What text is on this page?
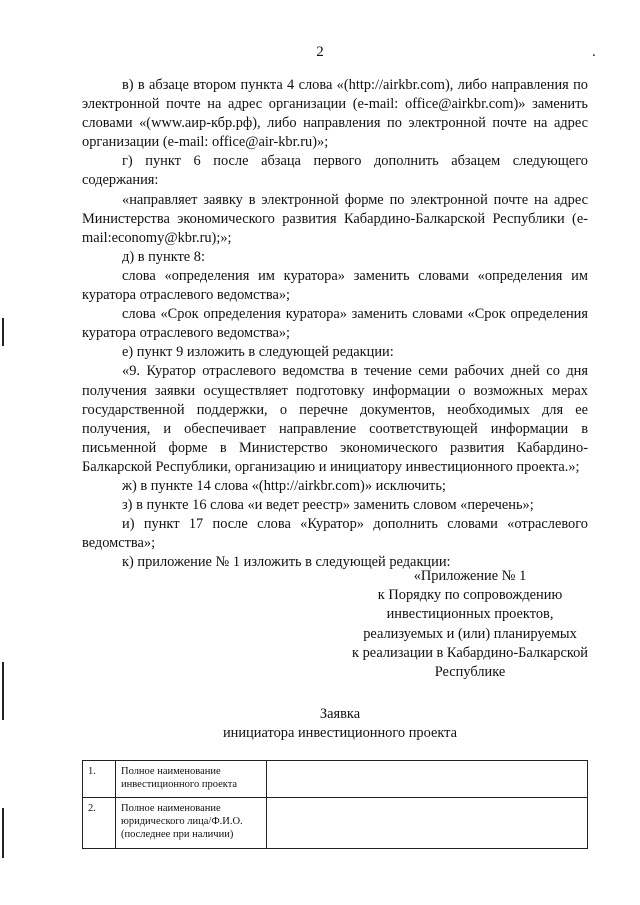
2	.

в) в абзаце втором пункта 4 слова «(http://airkbr.com), либо направления по электронной почте на адрес организации (e-mail: office@airkbr.com)» заменить словами «(www.аир-кбр.рф), либо направления по электронной почте на адрес организации (e-mail: office@air-kbr.ru)»;

г) пункт 6 после абзаца первого дополнить абзацем следующего содержания:

«направляет заявку в электронной форме по электронной почте на адрес Министерства экономического развития Кабардино-Балкарской Республики (e-mail:economy@kbr.ru);»;

д) в пункте 8:

слова «определения им куратора» заменить словами «определения им куратора отраслевого ведомства»;

слова «Срок определения куратора» заменить словами «Срок определения куратора отраслевого ведомства»;

е) пункт 9 изложить в следующей редакции:

«9. Куратор отраслевого ведомства в течение семи рабочих дней со дня получения заявки осуществляет подготовку информации о возможных мерах государственной поддержки, о перечне документов, необходимых для ее получения, и обеспечивает направление соответствующей информации в письменной форме в Министерство экономического развития Кабардино-Балкарской Республики, организацию и инициатору инвестиционного проекта.»;

ж) в пункте 14 слова «(http://airkbr.com)» исключить;

з) в пункте 16 слова «и ведет реестр» заменить словом «перечень»;

и) пункт 17 после слова «Куратор» дополнить словами «отраслевого ведомства»;

к) приложение № 1 изложить в следующей редакции:

«Приложение № 1
к Порядку по сопровождению
инвестиционных проектов,
реализуемых и (или) планируемых
к реализации в Кабардино-Балкарской
Республике
Заявка
инициатора инвестиционного проекта
1.	Полное наименование инвестиционного проекта	
2.	Полное наименование юридического лица/Ф.И.О. (последнее при наличии)	
